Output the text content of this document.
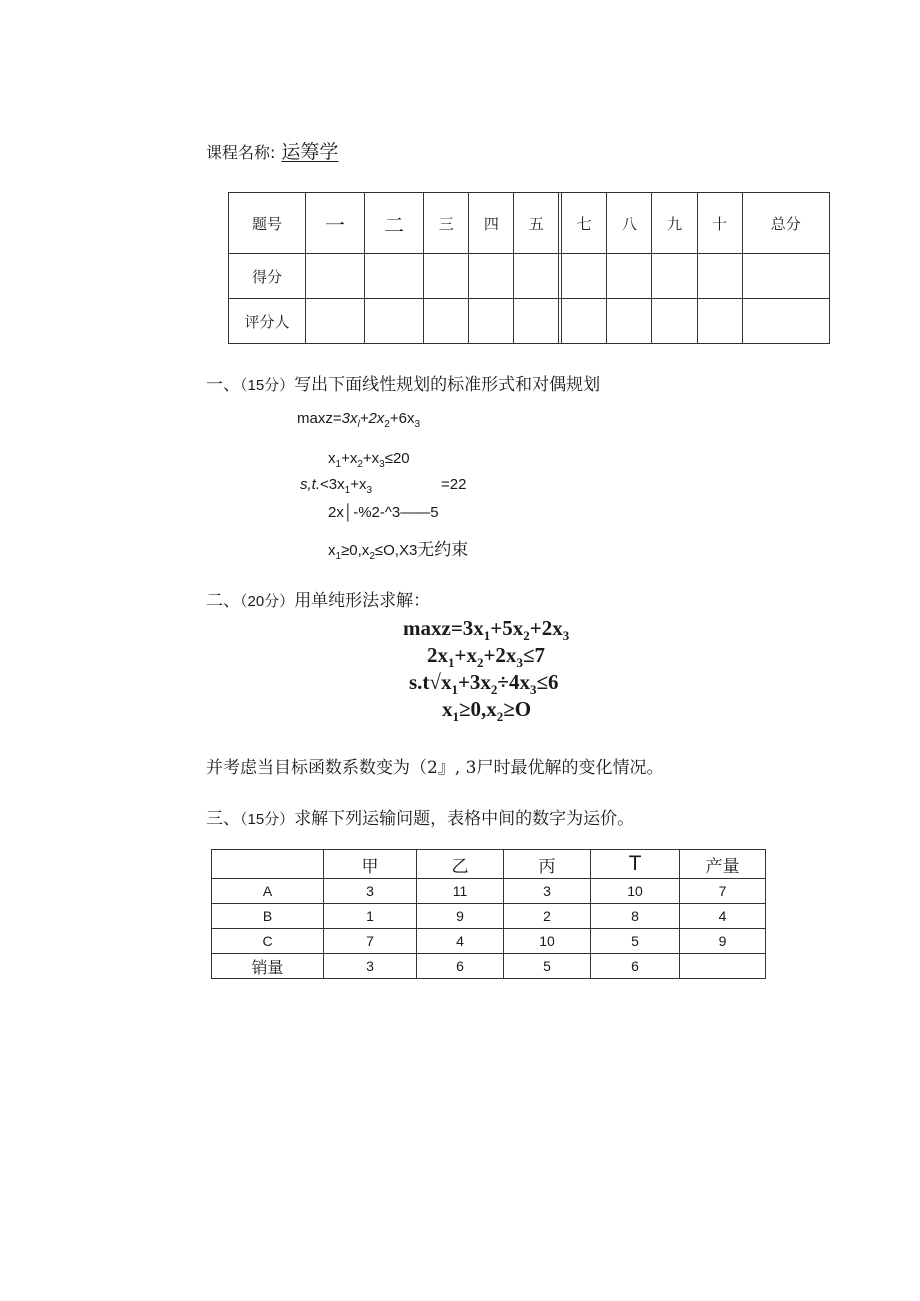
课程名称: 运筹学
题号	一	二	三	四	五		七	八	九	十	总分
得分											
评分人											
一、（15分）写出下面线性规划的标准形式和对偶规划
$\max z=3x_l+2x_2+6x_3$
$x_1+x_2+x_3\le 20$
$s,t.<3x_1+x_3$	=22
2x│-%2-^3——5
$x_1\ge 0,x_2\le O,X3$无约束
二、（20分）用单纯形法求解：
$\max z=3x_1+5x_2+2x_3$
$2x_1+x_2+2x_3\le 7$
$s.t√x_1+3x_2\div 4x_3\le 6$
$x_1\ge 0,x_2\ge O$
并考虑当目标函数系数变为（2』, 3尸时最优解的变化情况。
三、（15分）求解下列运输问题，表格中间的数字为运价。
	甲	乙	丙	T	产量
A	3	11	3	10	7
B	1	9	2	8	4
C	7	4	10	5	9
销量	3	6	5	6	
